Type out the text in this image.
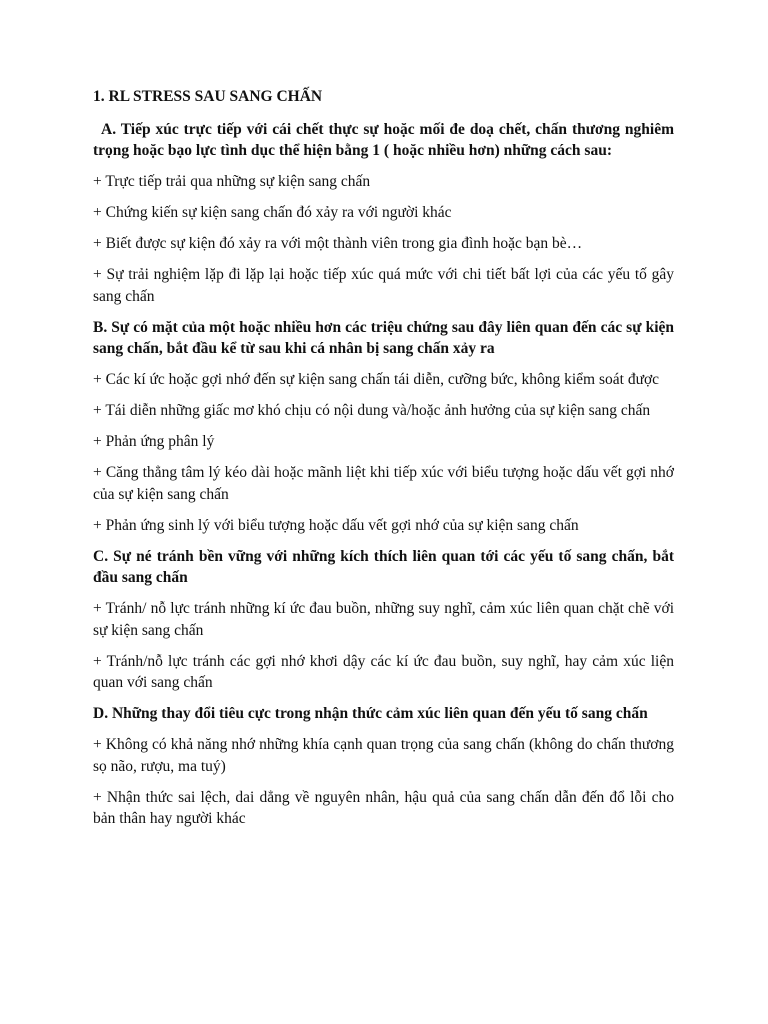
1. RL STRESS SAU SANG CHẤN

A. Tiếp xúc trực tiếp với cái chết thực sự hoặc mối đe doạ chết, chấn thương nghiêm trọng hoặc bạo lực tình dục thể hiện bằng 1 ( hoặc nhiều hơn) những cách sau:

+ Trực tiếp trải qua những sự kiện sang chấn

+ Chứng kiến sự kiện sang chấn đó xảy ra với người khác

+ Biết được sự kiện đó xảy ra với một thành viên trong gia đình hoặc bạn bè…

+ Sự trải nghiệm lặp đi lặp lại hoặc tiếp xúc quá mức với chi tiết bất lợi của các yếu tố gây sang chấn

B. Sự có mặt của một hoặc nhiều hơn các triệu chứng sau đây liên quan đến các sự kiện sang chấn, bắt đầu kể từ sau khi cá nhân bị sang chấn xảy ra

+ Các kí ức hoặc gợi nhớ đến sự kiện sang chấn tái diễn, cưỡng bức, không kiểm soát được

+ Tái diễn những giấc mơ khó chịu có nội dung và/hoặc ảnh hưởng của sự kiện sang chấn

+ Phản ứng phân lý

+ Căng thẳng tâm lý kéo dài hoặc mãnh liệt khi tiếp xúc với biểu tượng hoặc dấu vết gợi nhớ của sự kiện sang chấn

+ Phản ứng sinh lý với biểu tượng hoặc dấu vết gợi nhớ của sự kiện sang chấn

C. Sự né tránh bền vững với những kích thích liên quan tới các yếu tố sang chấn, bắt đầu sang chấn

+ Tránh/ nỗ lực tránh những kí ức đau buồn, những suy nghĩ, cảm xúc liên quan chặt chẽ với sự kiện sang chấn

+ Tránh/nỗ lực tránh các gợi nhớ khơi dậy các kí ức đau buồn, suy nghĩ, hay cảm xúc liện quan với sang chấn

D. Những thay đổi tiêu cực trong nhận thức cảm xúc liên quan đến yếu tố sang chấn

+ Không có khả năng nhớ những khía cạnh quan trọng của sang chấn (không do chấn thương sọ não, rượu, ma tuý)

+ Nhận thức sai lệch, dai dẳng về nguyên nhân, hậu quả của sang chấn dẫn đến đổ lỗi cho bản thân hay người khác
